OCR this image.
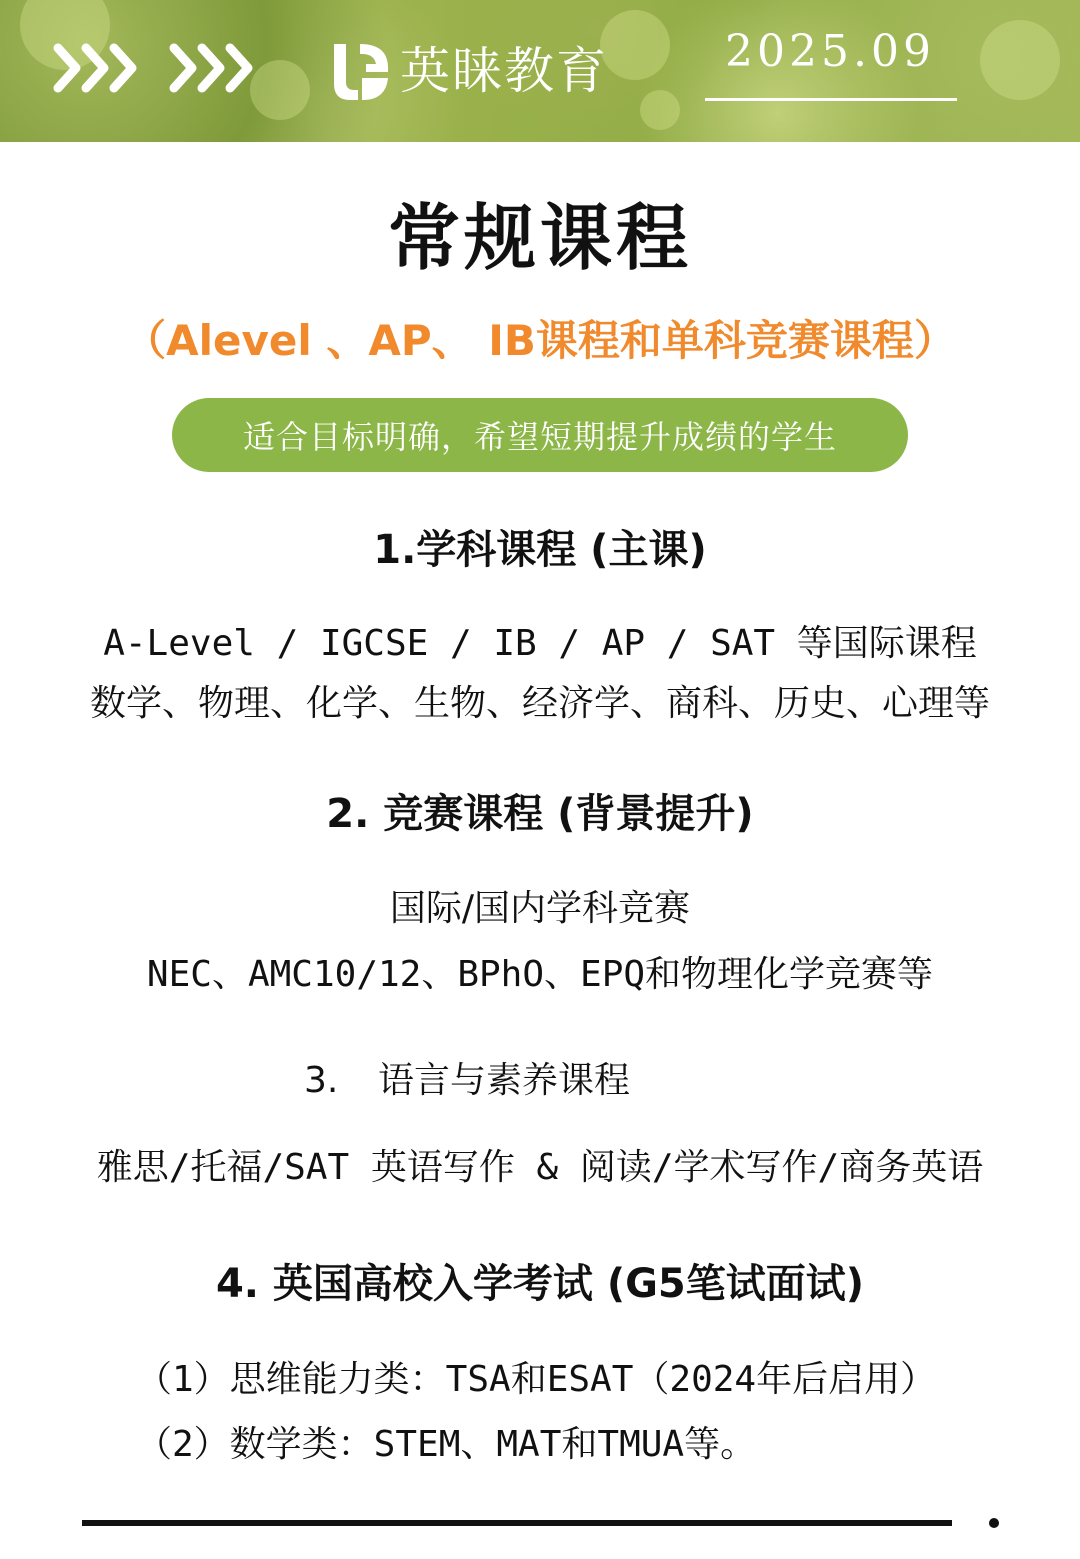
英睐教育	2025.09
常规课程
（Alevel 、AP、 IB课程和单科竞赛课程）
适合目标明确，希望短期提升成绩的学生
1.学科课程 (主课)
A-Level / IGCSE / IB / AP / SAT 等国际课程
数学、物理、化学、生物、经济学、商科、历史、心理等
2. 竞赛课程 (背景提升)
国际/国内学科竞赛
NEC、AMC10/12、BPhO、EPQ和物理化学竞赛等
3. 语言与素养课程
雅思/托福/SAT 英语写作 & 阅读/学术写作/商务英语
4. 英国高校入学考试 (G5笔试面试)
（1）思维能力类：TSA和ESAT（2024年后启用）
（2）数学类：STEM、MAT和TMUA等。
